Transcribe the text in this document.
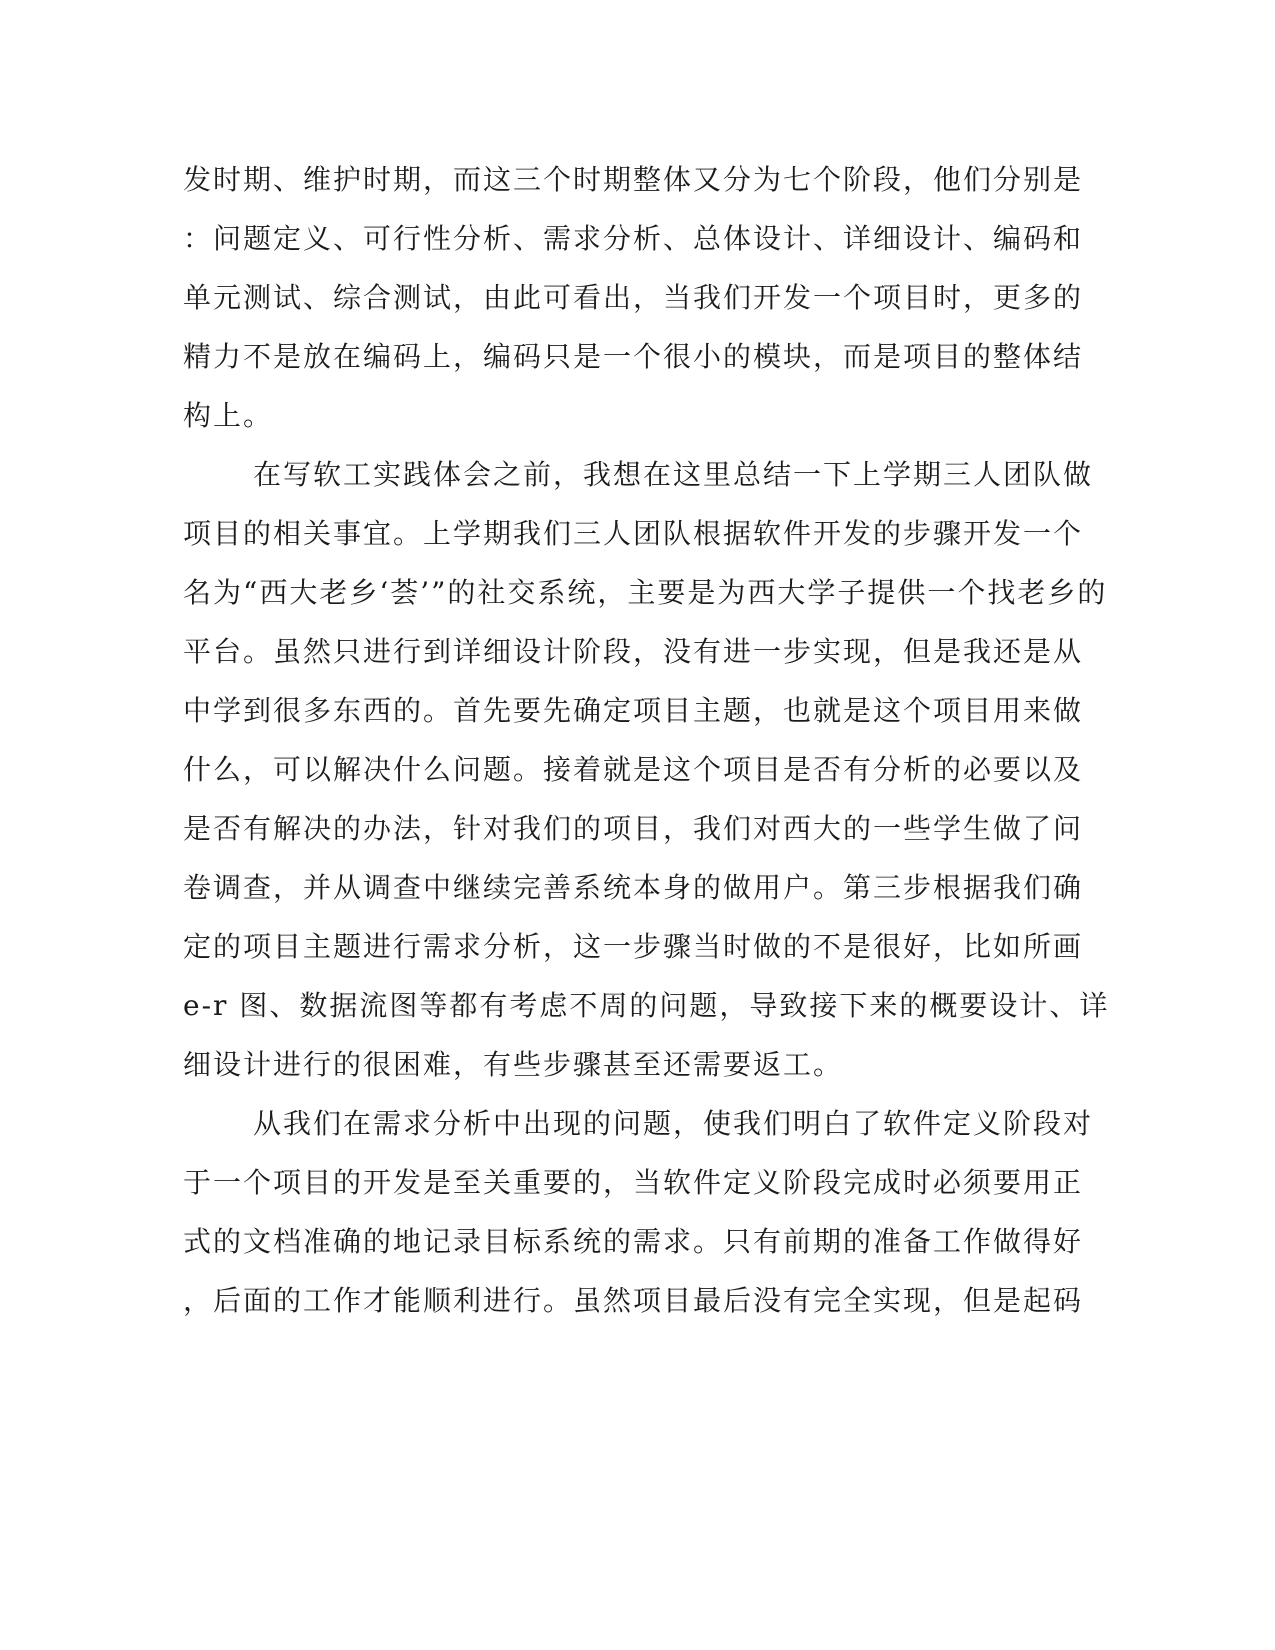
发时期、维护时期，而这三个时期整体又分为七个阶段，他们分别是
：问题定义、可行性分析、需求分析、总体设计、详细设计、编码和
单元测试、综合测试，由此可看出，当我们开发一个项目时，更多的
精力不是放在编码上，编码只是一个很小的模块，而是项目的整体结
构上。
在写软工实践体会之前，我想在这里总结一下上学期三人团队做
项目的相关事宜。上学期我们三人团队根据软件开发的步骤开发一个
名为“西大老乡‘荟’”的社交系统，主要是为西大学子提供一个找老乡的
平台。虽然只进行到详细设计阶段，没有进一步实现，但是我还是从
中学到很多东西的。首先要先确定项目主题，也就是这个项目用来做
什么，可以解决什么问题。接着就是这个项目是否有分析的必要以及
是否有解决的办法，针对我们的项目，我们对西大的一些学生做了问
卷调查，并从调查中继续完善系统本身的做用户。第三步根据我们确
定的项目主题进行需求分析，这一步骤当时做的不是很好，比如所画
e-r 图、数据流图等都有考虑不周的问题，导致接下来的概要设计、详
细设计进行的很困难，有些步骤甚至还需要返工。
从我们在需求分析中出现的问题，使我们明白了软件定义阶段对
于一个项目的开发是至关重要的，当软件定义阶段完成时必须要用正
式的文档准确的地记录目标系统的需求。只有前期的准备工作做得好
，后面的工作才能顺利进行。虽然项目最后没有完全实现，但是起码
